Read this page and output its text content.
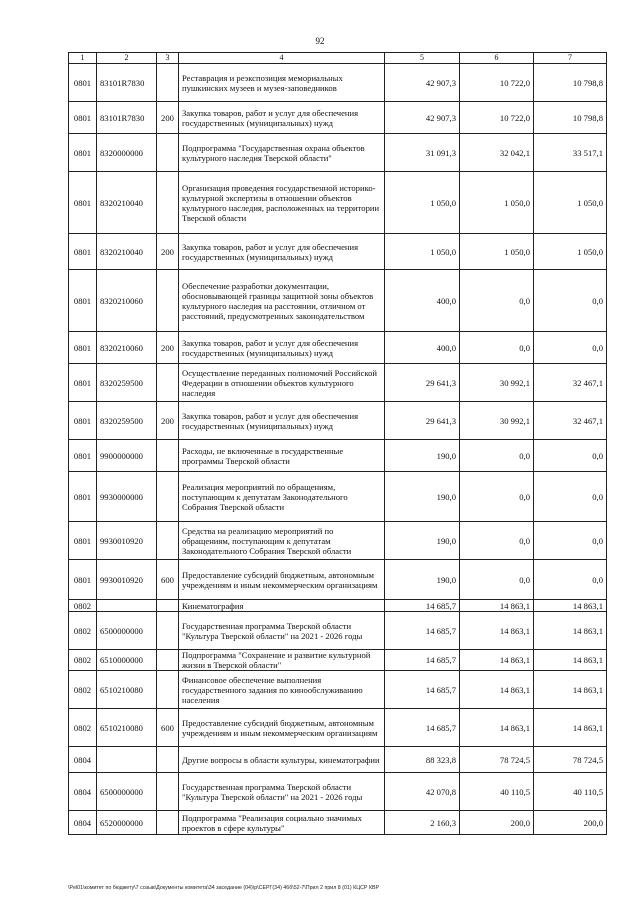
92
1	2	3	4	5	6	7
0801	83101R7830		Реставрация и реэкспозиция мемориальных пушкинских музеев и музея-заповедников	42 907,3	10 722,0	10 798,8
0801	83101R7830	200	Закупка товаров, работ и услуг для обеспечения государственных (муниципальных) нужд	42 907,3	10 722,0	10 798,8
0801	8320000000		Подпрограмма "Государственная охрана объектов культурного наследия Тверской области"	31 091,3	32 042,1	33 517,1
0801	8320210040		Организация проведения государственной историко-культурной экспертизы в отношении объектов культурного наследия, расположенных на территории Тверской области	1 050,0	1 050,0	1 050,0
0801	8320210040	200	Закупка товаров, работ и услуг для обеспечения государственных (муниципальных) нужд	1 050,0	1 050,0	1 050,0
0801	8320210060		Обеспечение разработки документации, обосновывающей границы защитной зоны объектов культурного наследия на расстоянии, отличном от расстояний, предусмотренных законодательством	400,0	0,0	0,0
0801	8320210060	200	Закупка товаров, работ и услуг для обеспечения государственных (муниципальных) нужд	400,0	0,0	0,0
0801	8320259500		Осуществление переданных полномочий Российской Федерации в отношении объектов культурного наследия	29 641,3	30 992,1	32 467,1
0801	8320259500	200	Закупка товаров, работ и услуг для обеспечения государственных (муниципальных) нужд	29 641,3	30 992,1	32 467,1
0801	9900000000		Расходы, не включенные в государственные программы Тверской области	190,0	0,0	0,0
0801	9930000000		Реализация мероприятий по обращениям, поступающим к депутатам Законодательного Собрания Тверской области	190,0	0,0	0,0
0801	9930010920		Средства на реализацию мероприятий по обращениям, поступающим к депутатам Законодательного Собрания Тверской области	190,0	0,0	0,0
0801	9930010920	600	Предоставление субсидий бюджетным, автономным учреждениям и иным некоммерческим организациям	190,0	0,0	0,0
0802			Кинематография	14 685,7	14 863,1	14 863,1
0802	6500000000		Государственная программа Тверской области "Культура Тверской области" на 2021 - 2026 годы	14 685,7	14 863,1	14 863,1
0802	6510000000		Подпрограмма "Сохранение и развитие культурной жизни в Тверской области"	14 685,7	14 863,1	14 863,1
0802	6510210080		Финансовое обеспечение выполнения государственного задания по кинообслуживанию населения	14 685,7	14 863,1	14 863,1
0802	6510210080	600	Предоставление субсидий бюджетным, автономным учреждениям и иным некоммерческим организациям	14 685,7	14 863,1	14 863,1
0804			Другие вопросы в области культуры, кинематографии	88 323,8	78 724,5	78 724,5
0804	6500000000		Государственная программа Тверской области "Культура Тверской области" на 2021 - 2026 годы	42 070,8	40 110,5	40 110,5
0804	6520000000		Подпрограмма "Реализация социально значимых проектов в сфере культуры"	2 160,3	200,0	200,0
\Pel01\комитет по бюджету\7 созыв\Документы комитета\34 заседание (04)\р\СЕРГ(34) 46б\52-7\Прил 2 прил 8 (01) КЦСР КВР
